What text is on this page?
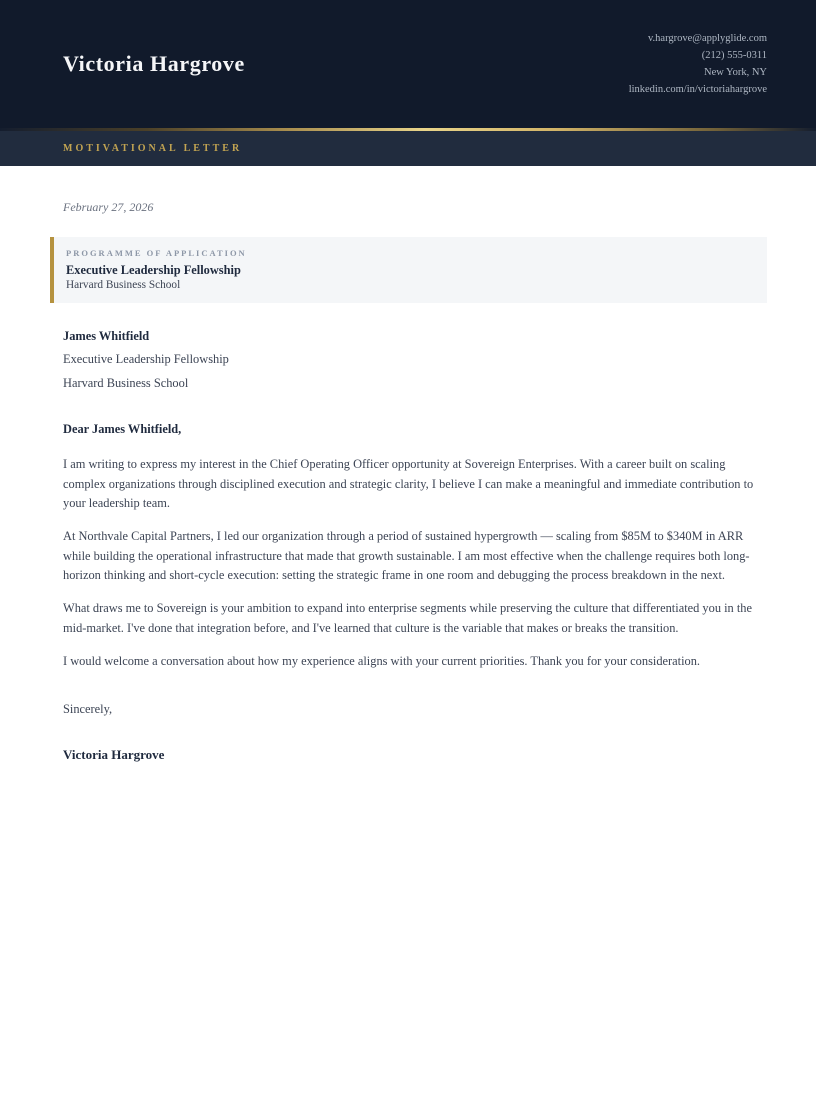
Victoria Hargrove
v.hargrove@applyglide.com
(212) 555-0311
New York, NY
linkedin.com/in/victoriahargrove
MOTIVATIONAL LETTER
February 27, 2026
PROGRAMME OF APPLICATION
Executive Leadership Fellowship
Harvard Business School
James Whitfield
Executive Leadership Fellowship
Harvard Business School
Dear James Whitfield,

I am writing to express my interest in the Chief Operating Officer opportunity at Sovereign Enterprises. With a career built on scaling complex organizations through disciplined execution and strategic clarity, I believe I can make a meaningful and immediate contribution to your leadership team.

At Northvale Capital Partners, I led our organization through a period of sustained hypergrowth — scaling from $85M to $340M in ARR while building the operational infrastructure that made that growth sustainable. I am most effective when the challenge requires both long-horizon thinking and short-cycle execution: setting the strategic frame in one room and debugging the process breakdown in the next.

What draws me to Sovereign is your ambition to expand into enterprise segments while preserving the culture that differentiated you in the mid-market. I've done that integration before, and I've learned that culture is the variable that makes or breaks the transition.

I would welcome a conversation about how my experience aligns with your current priorities. Thank you for your consideration.

Sincerely,
Victoria Hargrove
